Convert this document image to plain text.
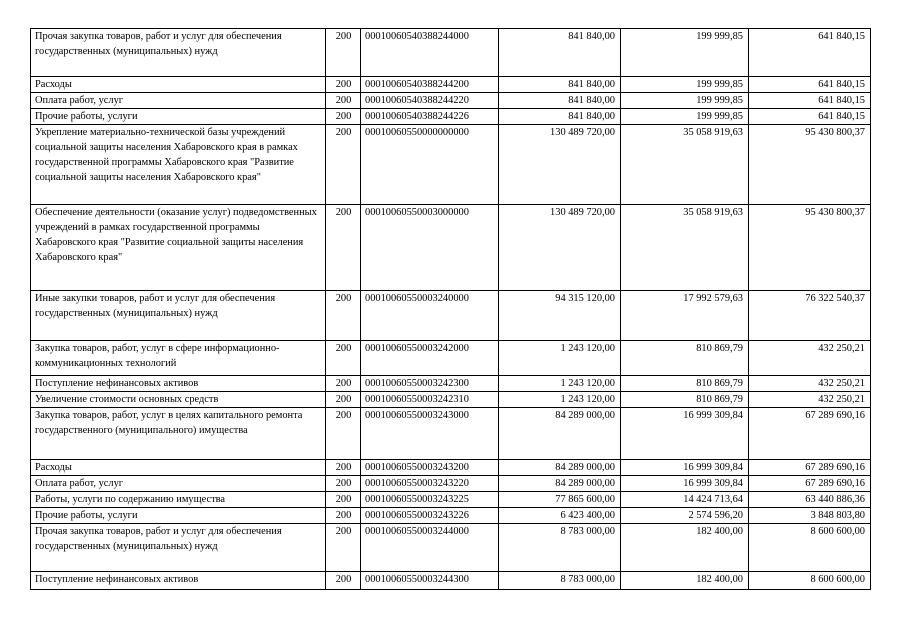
Прочая закупка товаров, работ и услуг для обеспечения государственных (муниципальных) нужд	200	00010060540388244000	841 840,00	199 999,85	641 840,15
Расходы	200	00010060540388244200	841 840,00	199 999,85	641 840,15
Оплата работ, услуг	200	00010060540388244220	841 840,00	199 999,85	641 840,15
Прочие работы, услуги	200	00010060540388244226	841 840,00	199 999,85	641 840,15
Укрепление материально-технической базы учреждений социальной защиты населения Хабаровского края в рамках государственной программы Хабаровского края "Развитие социальной защиты населения Хабаровского края"	200	00010060550000000000	130 489 720,00	35 058 919,63	95 430 800,37
Обеспечение деятельности (оказание услуг) подведомственных учреждений в рамках государственной программы Хабаровского края "Развитие социальной защиты населения Хабаровского края"	200	00010060550003000000	130 489 720,00	35 058 919,63	95 430 800,37
Иные закупки товаров, работ и услуг для обеспечения государственных (муниципальных) нужд	200	00010060550003240000	94 315 120,00	17 992 579,63	76 322 540,37
Закупка товаров, работ, услуг в сфере информационно-коммуникационных технологий	200	00010060550003242000	1 243 120,00	810 869,79	432 250,21
Поступление нефинансовых активов	200	00010060550003242300	1 243 120,00	810 869,79	432 250,21
Увеличение стоимости основных средств	200	00010060550003242310	1 243 120,00	810 869,79	432 250,21
Закупка товаров, работ, услуг в целях капитального ремонта государственного (муниципального) имущества	200	00010060550003243000	84 289 000,00	16 999 309,84	67 289 690,16
Расходы	200	00010060550003243200	84 289 000,00	16 999 309,84	67 289 690,16
Оплата работ, услуг	200	00010060550003243220	84 289 000,00	16 999 309,84	67 289 690,16
Работы, услуги по содержанию имущества	200	00010060550003243225	77 865 600,00	14 424 713,64	63 440 886,36
Прочие работы, услуги	200	00010060550003243226	6 423 400,00	2 574 596,20	3 848 803,80
Прочая закупка товаров, работ и услуг для обеспечения государственных (муниципальных) нужд	200	00010060550003244000	8 783 000,00	182 400,00	8 600 600,00
Поступление нефинансовых активов	200	00010060550003244300	8 783 000,00	182 400,00	8 600 600,00
